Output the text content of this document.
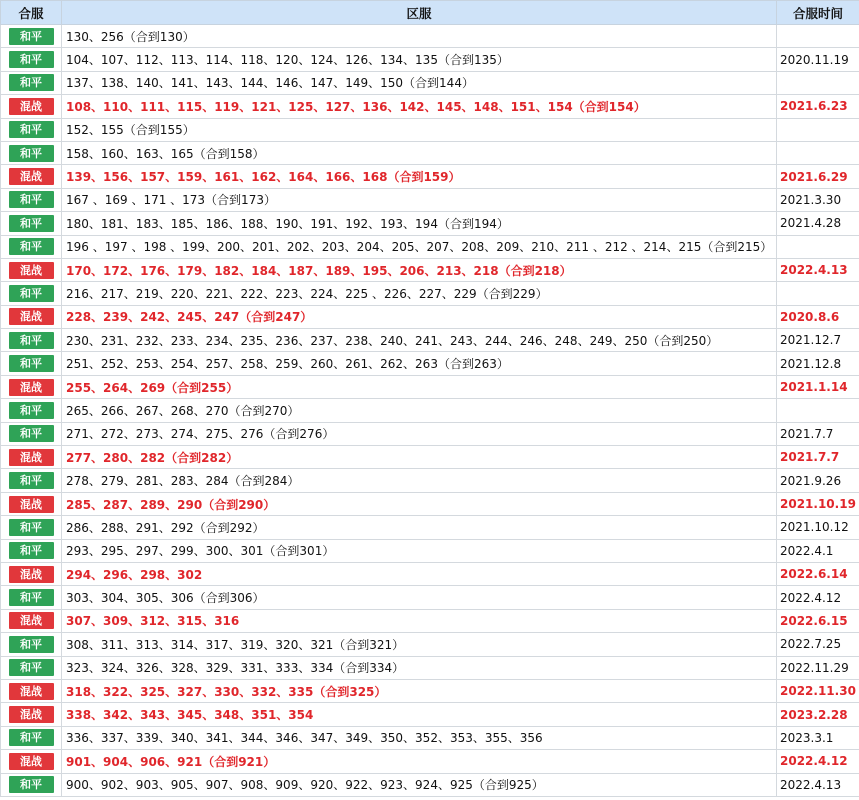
合服	区服	合服时间
和平	130、256（合到130）	
和平	104、107、112、113、114、118、120、124、126、134、135（合到135）	2020.11.19
和平	137、138、140、141、143、144、146、147、149、150（合到144）	
混战	108、110、111、115、119、121、125、127、136、142、145、148、151、154（合到154）	2021.6.23
和平	152、155（合到155）	
和平	158、160、163、165（合到158）	
混战	139、156、157、159、161、162、164、166、168（合到159）	2021.6.29
和平	167 、169 、171 、173（合到173）	2021.3.30
和平	180、181、183、185、186、188、190、191、192、193、194（合到194）	2021.4.28
和平	196 、197 、198 、199、200、201、202、203、204、205、207、208、209、210、211 、212 、214、215（合到215）	
混战	170、172、176、179、182、184、187、189、195、206、213、218（合到218）	2022.4.13
和平	216、217、219、220、221、222、223、224、225 、226、227、229（合到229）	
混战	228、239、242、245、247（合到247）	2020.8.6
和平	230、231、232、233、234、235、236、237、238、240、241、243、244、246、248、249、250（合到250）	2021.12.7
和平	251、252、253、254、257、258、259、260、261、262、263（合到263）	2021.12.8
混战	255、264、269（合到255）	2021.1.14
和平	265、266、267、268、270（合到270）	
和平	271、272、273、274、275、276（合到276）	2021.7.7
混战	277、280、282（合到282）	2021.7.7
和平	278、279、281、283、284（合到284）	2021.9.26
混战	285、287、289、290（合到290）	2021.10.19
和平	286、288、291、292（合到292）	2021.10.12
和平	293、295、297、299、300、301（合到301）	2022.4.1
混战	294、296、298、302	2022.6.14
和平	303、304、305、306（合到306）	2022.4.12
混战	307、309、312、315、316	2022.6.15
和平	308、311、313、314、317、319、320、321（合到321）	2022.7.25
和平	323、324、326、328、329、331、333、334（合到334）	2022.11.29
混战	318、322、325、327、330、332、335（合到325）	2022.11.30
混战	338、342、343、345、348、351、354	2023.2.28
和平	336、337、339、340、341、344、346、347、349、350、352、353、355、356	2023.3.1
混战	901、904、906、921（合到921）	2022.4.12
和平	900、902、903、905、907、908、909、920、922、923、924、925（合到925）	2022.4.13
